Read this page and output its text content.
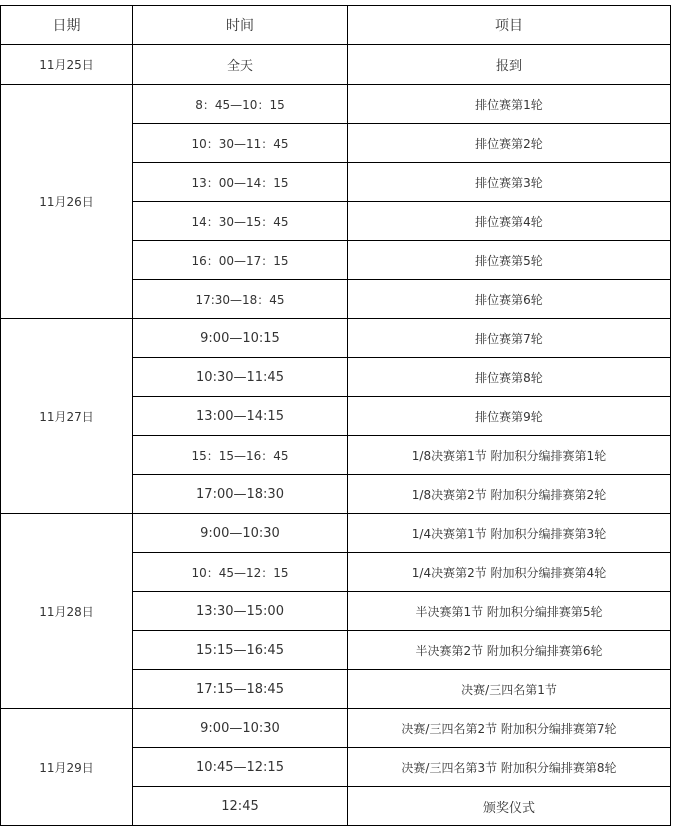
日期	时间	项目
11月25日	全天	报到
11月26日	8：45—10：15	排位赛第1轮
	10：30—11：45	排位赛第2轮
	13：00—14：15	排位赛第3轮
	14：30—15：45	排位赛第4轮
	16：00—17：15	排位赛第5轮
	17:30—18：45	排位赛第6轮
11月27日	9:00—10:15	排位赛第7轮
	10:30—11:45	排位赛第8轮
	13:00—14:15	排位赛第9轮
	15：15—16：45	1/8决赛第1节 附加积分编排赛第1轮
	17:00—18:30	1/8决赛第2节 附加积分编排赛第2轮
11月28日	9:00—10:30	1/4决赛第1节 附加积分编排赛第3轮
	10：45—12：15	1/4决赛第2节 附加积分编排赛第4轮
	13:30—15:00	半决赛第1节 附加积分编排赛第5轮
	15:15—16:45	半决赛第2节 附加积分编排赛第6轮
	17:15—18:45	决赛/三四名第1节
11月29日	9:00—10:30	决赛/三四名第2节 附加积分编排赛第7轮
	10:45—12:15	决赛/三四名第3节 附加积分编排赛第8轮
	12:45	颁奖仪式
